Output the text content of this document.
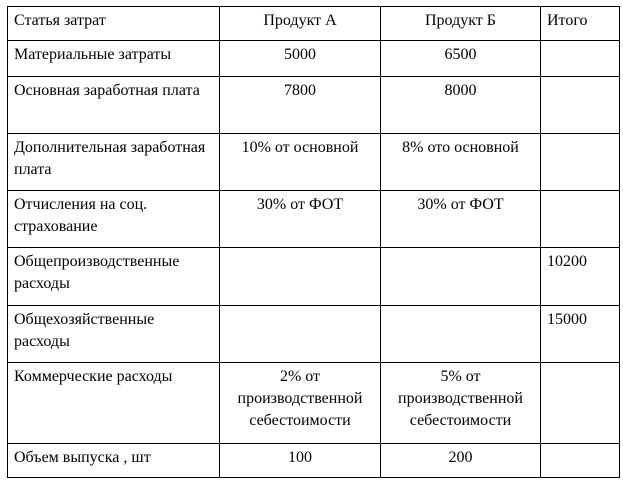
Статья затрат	Продукт А	Продукт Б	Итого
Материальные затраты	5000	6500	
Основная заработная плата	7800	8000	
Дополнительная заработная плата	10% от основной	8% ото основной	
Отчисления на соц. страхование	30% от ФОТ	30% от ФОТ	
Общепроизводственные расходы			10200
Общехозяйственные расходы			15000
Коммерческие расходы	2% от производственной себестоимости	5% от производственной себестоимости	
Объем выпуска , шт	100	200	
